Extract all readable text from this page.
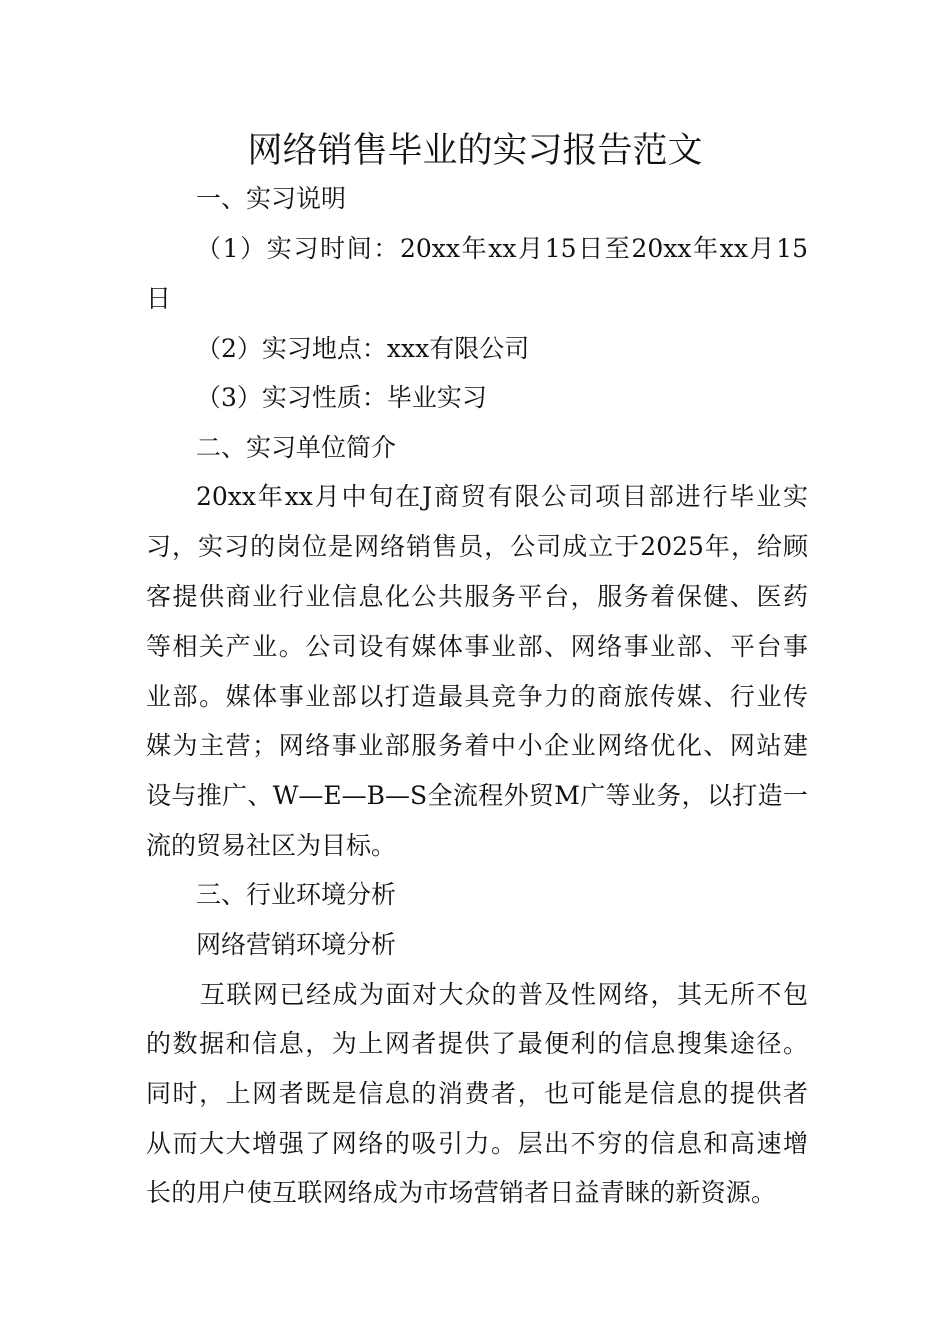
网络销售毕业的实习报告范文
一、实习说明
（1）实习时间：20xx年xx月15日至20xx年xx月15
日
（2）实习地点：xxx有限公司
（3）实习性质：毕业实习
二、实习单位简介
20xx年xx月中旬在J商贸有限公司项目部进行毕业实
习，实习的岗位是网络销售员，公司成立于2025年，给顾
客提供商业行业信息化公共服务平台，服务着保健、医药
等相关产业。公司设有媒体事业部、网络事业部、平台事
业部。媒体事业部以打造最具竞争力的商旅传媒、行业传
媒为主营；网络事业部服务着中小企业网络优化、网站建
设与推广、W—E—B—S全流程外贸M广等业务，以打造一
流的贸易社区为目标。
三、行业环境分析
网络营销环境分析
互联网已经成为面对大众的普及性网络，其无所不包
的数据和信息，为上网者提供了最便利的信息搜集途径。
同时，上网者既是信息的消费者，也可能是信息的提供者
从而大大增强了网络的吸引力。层出不穷的信息和高速增
长的用户使互联网络成为市场营销者日益青睐的新资源。
